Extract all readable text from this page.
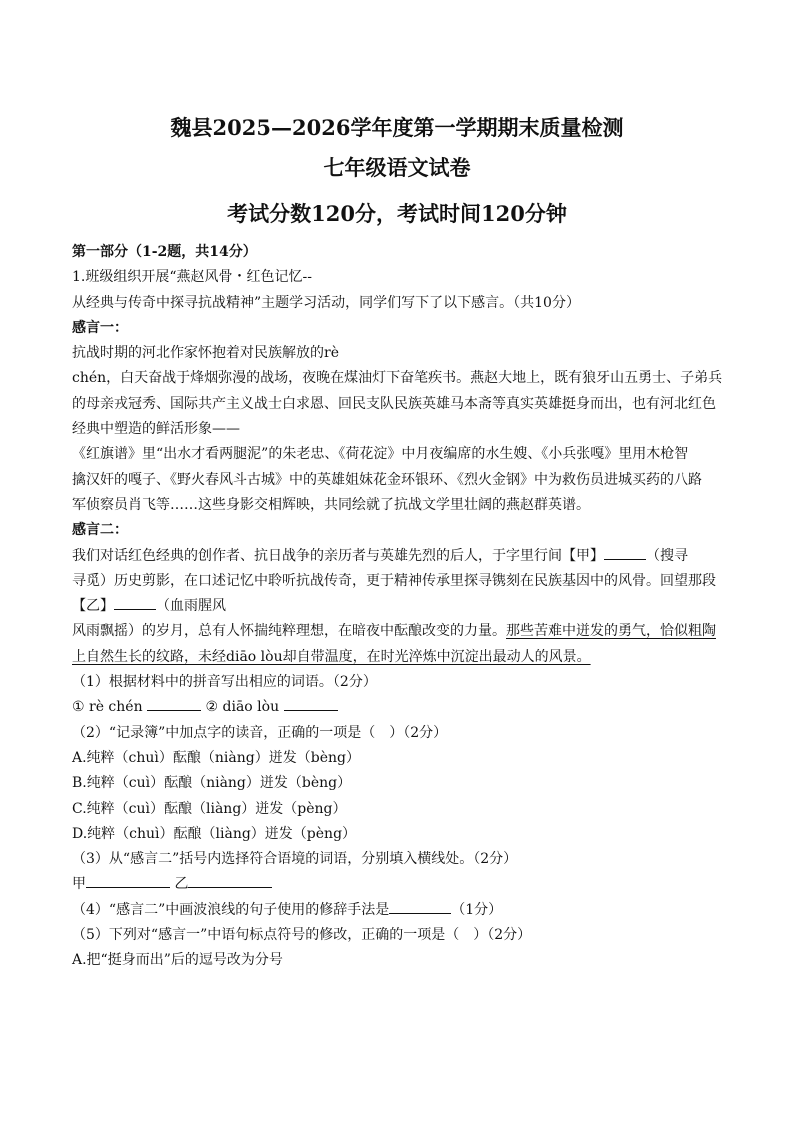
魏县2025—2026学年度第一学期期末质量检测
七年级语文试卷
考试分数120分，考试时间120分钟
第一部分（1-2题，共14分）
1.班级组织开展“燕赵风骨・红色记忆--
从经典与传奇中探寻抗战精神”主题学习活动，同学们写下了以下感言。（共10分）
感言一：
抗战时期的河北作家怀抱着对民族解放的rè
chén，白天奋战于烽烟弥漫的战场，夜晚在煤油灯下奋笔疾书。燕赵大地上，既有狼牙山五勇士、子弟兵
的母亲戎冠秀、国际共产主义战士白求恩、回民支队民族英雄马本斋等真实英雄挺身而出，也有河北红色
经典中塑造的鲜活形象——
《红旗谱》里“出水才看两腿泥”的朱老忠、《荷花淀》中月夜编席的水生嫂、《小兵张嘎》里用木枪智
擒汉奸的嘎子、《野火春风斗古城》中的英雄姐妹花金环银环、《烈火金钢》中为救伤员进城买药的八路
军侦察员肖飞等……这些身影交相辉映，共同绘就了抗战文学里壮阔的燕赵群英谱。
感言二：
我们对话红色经典的创作者、抗日战争的亲历者与英雄先烈的后人，于字里行间【甲】	（搜寻
寻觅）历史剪影，在口述记忆中聆听抗战传奇，更于精神传承里探寻镌刻在民族基因中的风骨。回望那段
【乙】	（血雨腥风
风雨飘摇）的岁月，总有人怀揣纯粹理想，在暗夜中酝酿改变的力量。那些苦难中迸发的勇气，恰似粗陶
上自然生长的纹路，未经diāo lòu却自带温度，在时光淬炼中沉淀出最动人的风景。
（1）根据材料中的拼音写出相应的词语。（2分）
① rè chén	② diāo lòu
（2）“记录簿”中加点字的读音，正确的一项是（　）（2分）
A.纯粹（chuì）酝酿（niàng）迸发（bèng）
B.纯粹（cuì）酝酿（niàng）迸发（bèng）
C.纯粹（cuì）酝酿（liàng）迸发（pèng）
D.纯粹（chuì）酝酿（liàng）迸发（pèng）
（3）从“感言二”括号内选择符合语境的词语，分别填入横线处。（2分）
甲	乙
（4）“感言二”中画波浪线的句子使用的修辞手法是	（1分）
（5）下列对“感言一”中语句标点符号的修改，正确的一项是（　）（2分）
A.把“挺身而出”后的逗号改为分号
